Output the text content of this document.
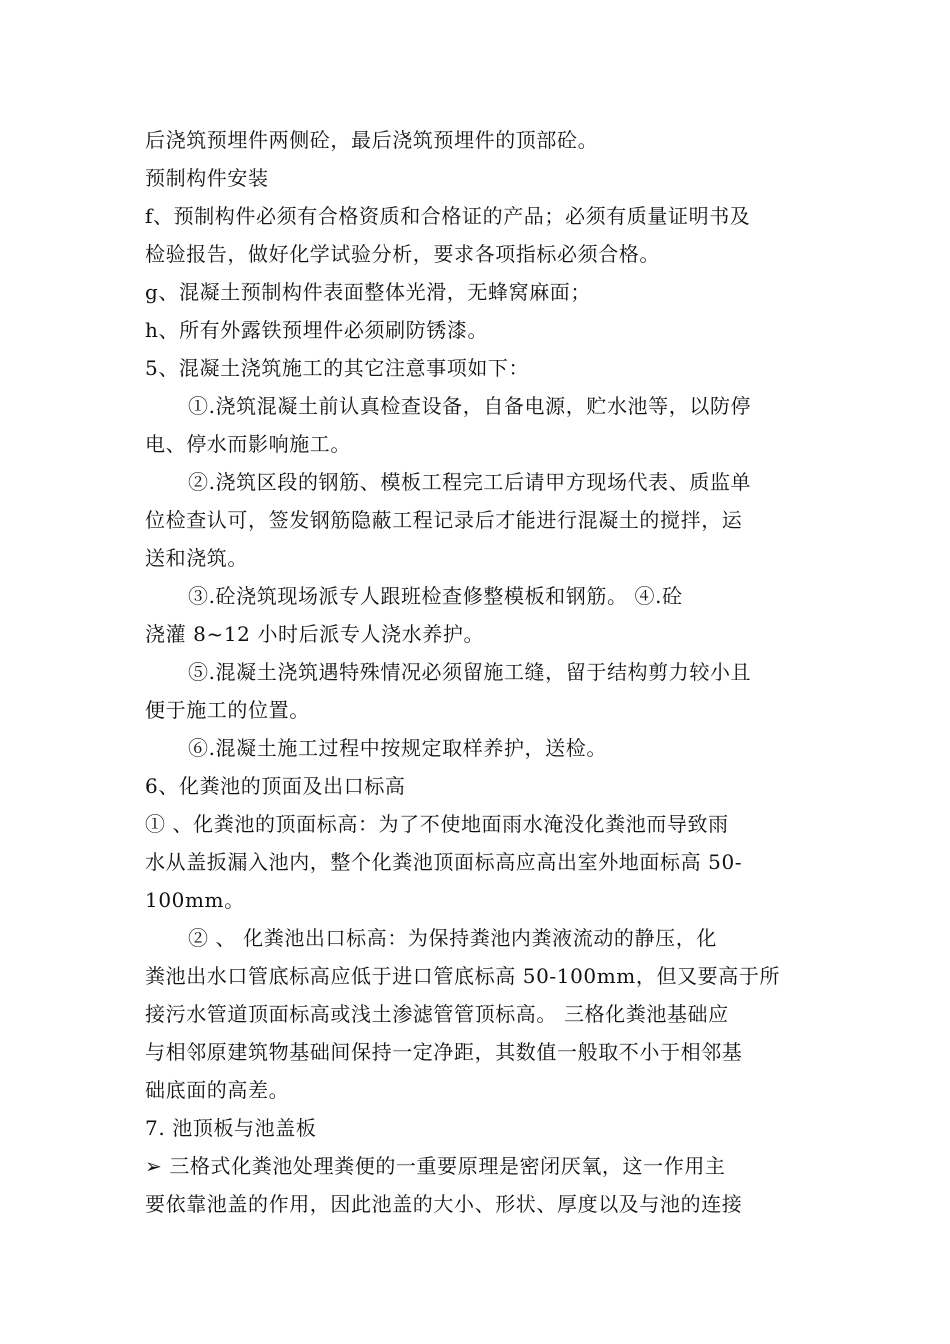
后浇筑预埋件两侧砼，最后浇筑预埋件的顶部砼。
预制构件安装
f、预制构件必须有合格资质和合格证的产品；必须有质量证明书及
检验报告，做好化学试验分析，要求各项指标必须合格。
g、混凝土预制构件表面整体光滑，无蜂窝麻面；
h、所有外露铁预埋件必须刷防锈漆。
5、混凝土浇筑施工的其它注意事项如下：
①.浇筑混凝土前认真检查设备，自备电源，贮水池等，以防停
电、停水而影响施工。
②.浇筑区段的钢筋、模板工程完工后请甲方现场代表、质监单
位检查认可，签发钢筋隐蔽工程记录后才能进行混凝土的搅拌，运
送和浇筑。
③.砼浇筑现场派专人跟班检查修整模板和钢筋。 ④.砼
浇灌 8~12 小时后派专人浇水养护。
⑤.混凝土浇筑遇特殊情况必须留施工缝，留于结构剪力较小且
便于施工的位置。
⑥.混凝土施工过程中按规定取样养护，送检。
6、化粪池的顶面及出口标高
① 、化粪池的顶面标高：为了不使地面雨水淹没化粪池而导致雨
水从盖扳漏入池内，整个化粪池顶面标高应高出室外地面标高 50-
100mm。
② 、 化粪池出口标高：为保持粪池内粪液流动的静压，化
粪池出水口管底标高应低于进口管底标高 50-100mm，但又要高于所
接污水管道顶面标高或浅土渗滤管管顶标高。 三格化粪池基础应
与相邻原建筑物基础间保持一定净距，其数值一般取不小于相邻基
础底面的高差。
7. 池顶板与池盖板
➢ 三格式化粪池处理粪便的一重要原理是密闭厌氧，这一作用主
要依靠池盖的作用，因此池盖的大小、形状、厚度以及与池的连接
